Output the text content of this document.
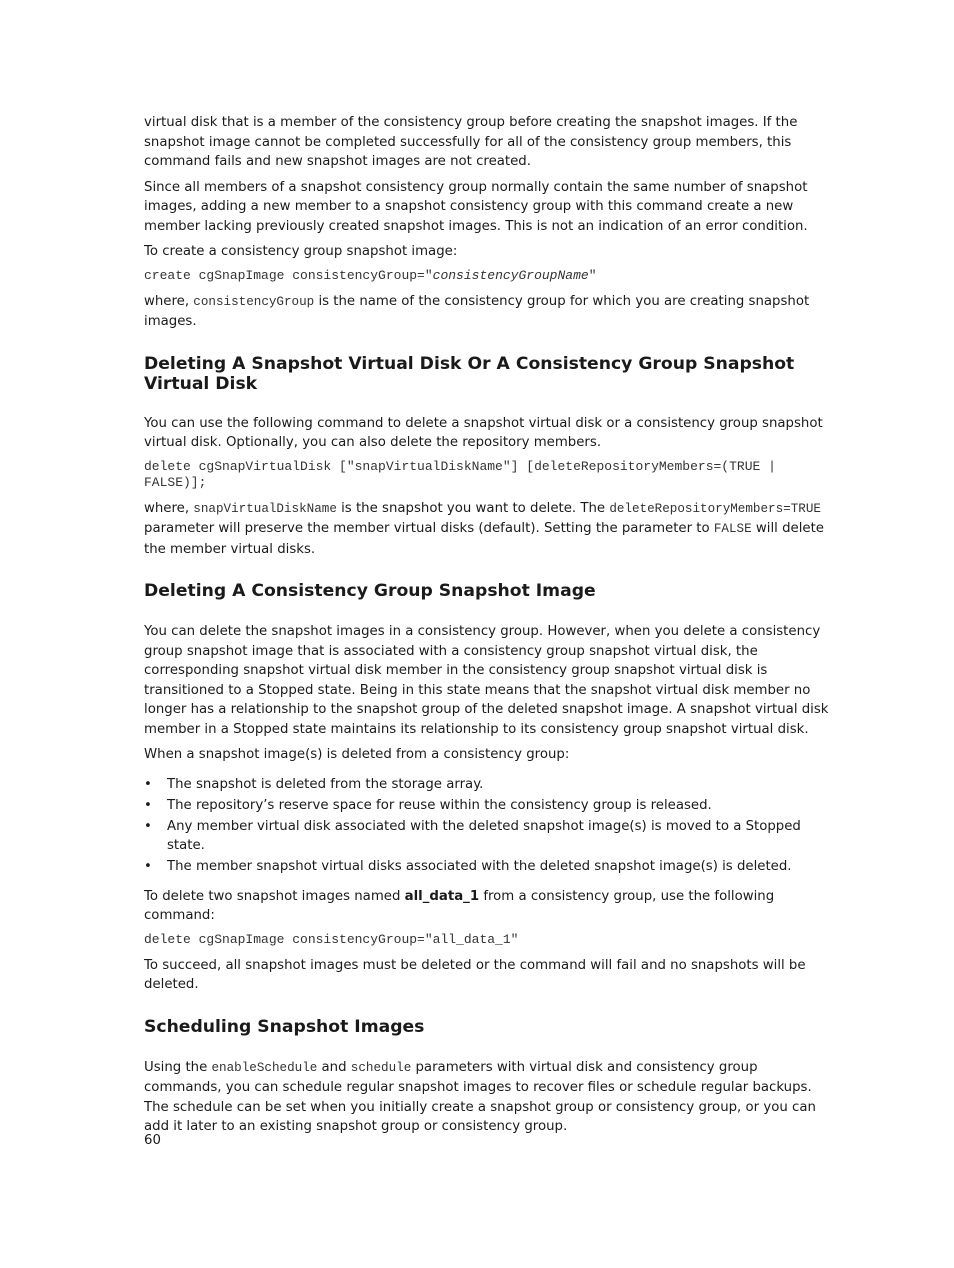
virtual disk that is a member of the consistency group before creating the snapshot images. If the snapshot image cannot be completed successfully for all of the consistency group members, this command fails and new snapshot images are not created.

Since all members of a snapshot consistency group normally contain the same number of snapshot images, adding a new member to a snapshot consistency group with this command create a new member lacking previously created snapshot images. This is not an indication of an error condition.

To create a consistency group snapshot image:

create cgSnapImage consistencyGroup="consistencyGroupName"

where, consistencyGroup is the name of the consistency group for which you are creating snapshot images.

Deleting A Snapshot Virtual Disk Or A Consistency Group Snapshot Virtual Disk

You can use the following command to delete a snapshot virtual disk or a consistency group snapshot virtual disk. Optionally, you can also delete the repository members.

delete cgSnapVirtualDisk ["snapVirtualDiskName"] [deleteRepositoryMembers=(TRUE | FALSE)];

where, snapVirtualDiskName is the snapshot you want to delete. The deleteRepositoryMembers=TRUE parameter will preserve the member virtual disks (default). Setting the parameter to FALSE will delete the member virtual disks.

Deleting A Consistency Group Snapshot Image

You can delete the snapshot images in a consistency group. However, when you delete a consistency group snapshot image that is associated with a consistency group snapshot virtual disk, the corresponding snapshot virtual disk member in the consistency group snapshot virtual disk is transitioned to a Stopped state. Being in this state means that the snapshot virtual disk member no longer has a relationship to the snapshot group of the deleted snapshot image. A snapshot virtual disk member in a Stopped state maintains its relationship to its consistency group snapshot virtual disk.

When a snapshot image(s) is deleted from a consistency group:

• The snapshot is deleted from the storage array.
• The repository’s reserve space for reuse within the consistency group is released.
• Any member virtual disk associated with the deleted snapshot image(s) is moved to a Stopped state.
• The member snapshot virtual disks associated with the deleted snapshot image(s) is deleted.

To delete two snapshot images named all_data_1 from a consistency group, use the following command:

delete cgSnapImage consistencyGroup="all_data_1"

To succeed, all snapshot images must be deleted or the command will fail and no snapshots will be deleted.

Scheduling Snapshot Images

Using the enableSchedule and schedule parameters with virtual disk and consistency group commands, you can schedule regular snapshot images to recover files or schedule regular backups. The schedule can be set when you initially create a snapshot group or consistency group, or you can add it later to an existing snapshot group or consistency group.

60
